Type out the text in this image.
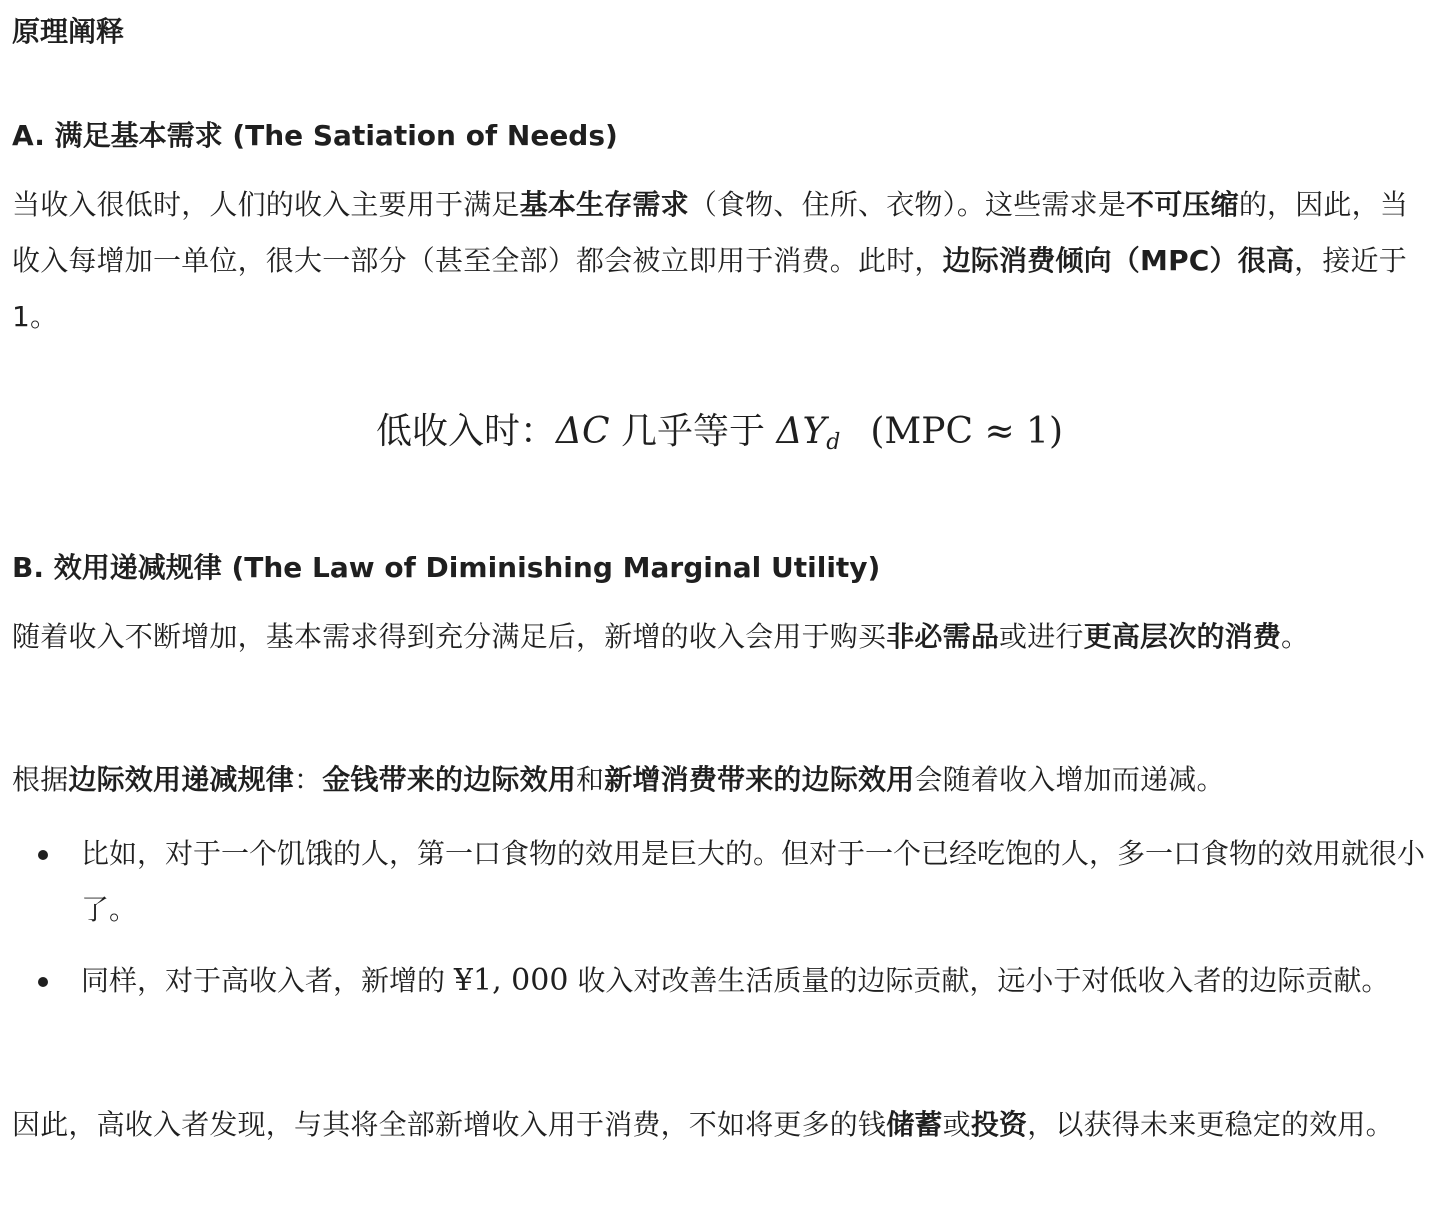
原理阐释
A. 满足基本需求 (The Satiation of Needs)
当收入很低时，人们的收入主要用于满足基本生存需求（食物、住所、衣物）。这些需求是不可压缩的，因此，当收入每增加一单位，很大一部分（甚至全部）都会被立即用于消费。此时，边际消费倾向（MPC）很高，接近于 1。
低收入时：ΔC 几乎等于 $\Delta Y_d$ (MPC ≈ 1)
B. 效用递减规律 (The Law of Diminishing Marginal Utility)
随着收入不断增加，基本需求得到充分满足后，新增的收入会用于购买非必需品或进行更高层次的消费。
根据边际效用递减规律：金钱带来的边际效用和新增消费带来的边际效用会随着收入增加而递减。
比如，对于一个饥饿的人，第一口食物的效用是巨大的。但对于一个已经吃饱的人，多一口食物的效用就很小了。
同样，对于高收入者，新增的 ¥1, 000 收入对改善生活质量的边际贡献，远小于对低收入者的边际贡献。
因此，高收入者发现，与其将全部新增收入用于消费，不如将更多的钱储蓄或投资，以获得未来更稳定的效用。
